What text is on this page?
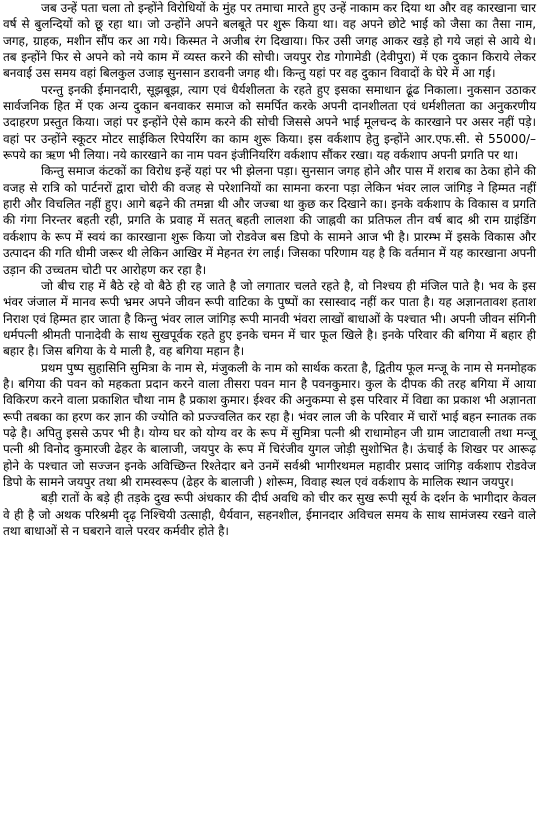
जब उन्हें पता चला तो इन्होंने विरोधियों के मुंह पर तमाचा मारते हुए उन्हें नाकाम कर दिया था और वह कारखाना चार वर्ष से बुलन्दियों को छू रहा था। जो उन्होंने अपने बलबूते पर शुरू किया था। वह अपने छोटे भाई को जैसा का तैसा नाम, जगह, ग्राहक, मशीन सौंप कर आ गये। किस्मत ने अजीब रंग दिखाया। फिर उसी जगह आकर खड़े हो गये जहां से आये थे। तब इन्होंने फिर से अपने को नये काम में व्यस्त करने की सोची। जयपुर रोड गोगामेडी (देवीपुरा) में एक दुकान किराये लेकर बनवाई उस समय वहां बिलकुल उजाड़ सुनसान डरावनी जगह थी। किन्तु यहां पर वह दुकान विवादों के घेरे में आ गई।

परन्तु इनकी ईमानदारी, सूझबूझ, त्याग एवं धैर्यशीलता के रहते हुए इसका समाधान ढूंढ निकाला। नुकसान उठाकर सार्वजनिक हित में एक अन्य दुकान बनवाकर समाज को समर्पित करके अपनी दानशीलता एवं धर्मशीलता का अनुकरणीय उदाहरण प्रस्तुत किया। जहां पर इन्होंने ऐसे काम करने की सोची जिससे अपने भाई मूलचन्द के कारखाने पर असर नहीं पड़े। वहां पर उन्होंने स्कूटर मोटर साईकिल रिपेयरिंग का काम शुरू किया। इस वर्कशाप हेतु इन्होंने आर.एफ.सी. से 55000/– रूपये का ऋण भी लिया। नये कारखाने का नाम पवन इंजीनियरिंग वर्कशाप सौंकर रखा। यह वर्कशाप अपनी प्रगति पर था।

किन्तु समाज कंटकों का विरोध इन्हें यहां पर भी झेलना पड़ा। सुनसान जगह होने और पास में शराब का ठेका होने की वजह से रात्रि को पार्टनरों द्वारा चोरी की वजह से परेशानियों का सामना करना पड़ा लेकिन भंवर लाल जांगिड़ ने हिम्मत नहीं हारी और विचलित नहीं हुए। आगे बढ़ने की तमन्ना थी और जज्बा था कुछ कर दिखाने का। इनके वर्कशाप के विकास व प्रगति की गंगा निरन्तर बहती रही, प्रगति के प्रवाह में सतत् बहती लालशा की जाह्नवी का प्रतिफल तीन वर्ष बाद श्री राम ग्राइंडिंग वर्कशाप के रूप में स्वयं का कारखाना शुरू किया जो रोडवेज बस डिपो के सामने आज भी है। प्रारम्भ में इसके विकास और उत्पादन की गति धीमी जरूर थी लेकिन आखिर में मेहनत रंग लाई। जिसका परिणाम यह है कि वर्तमान में यह कारखाना अपनी उड़ान की उच्चतम चोटी पर आरोहण कर रहा है।

जो बीच राह में बैठे रहे वो बैठे ही रह जाते है जो लगातार चलते रहते है, वो निश्चय ही मंजिल पाते है। भव के इस भंवर जंजाल में मानव रूपी भ्रमर अपने जीवन रूपी वाटिका के पुष्पों का रसास्वाद नहीं कर पाता है। यह अज्ञानतावश हताश निराश एवं हिम्मत हार जाता है किन्तु भंवर लाल जांगिड़ रूपी मानवी भंवरा लाखों बाधाओं के पश्चात भी। अपनी जीवन संगिनी धर्मपत्नी श्रीमती पानादेवी के साथ सुखपूर्वक रहते हुए इनके चमन में चार फूल खिले है। इनके परिवार की बगिया में बहार ही बहार है। जिस बगिया के ये माली है, वह बगिया महान है।

प्रथम पुष्प सुहासिनि सुमित्रा के नाम से, मंजुकली के नाम को सार्थक करता है, द्वितीय फूल मन्जू के नाम से मनमोहक है। बगिया की पवन को महकता प्रदान करने वाला तीसरा पवन मान है पवनकुमार। कुल के दीपक की तरह बगिया में आया विकिरण करने वाला प्रकाशित चौथा नाम है प्रकाश कुमार। ईश्वर की अनुकम्पा से इस परिवार में विद्या का प्रकाश भी अज्ञानता रूपी तबका का हरण कर ज्ञान की ज्योति को प्रज्ज्वलित कर रहा है। भंवर लाल जी के परिवार में चारों भाई बहन स्नातक तक पढ़े है। अपितु इससे ऊपर भी है। योग्य घर को योग्य वर के रूप में सुमित्रा पत्नी श्री राधामोहन जी ग्राम जाटावाली तथा मन्जू पत्नी श्री विनोद कुमारजी ढेहर के बालाजी, जयपुर के रूप में चिरंजीव युगल जोड़ी सुशोभित है। ऊंचाई के शिखर पर आरूढ़ होने के पश्चात जो सज्जन इनके अविच्छिन्त रिश्तेदार बने उनमें सर्वश्री भागीरथमल महावीर प्रसाद जांगिड़ वर्कशाप रोडवेज डिपो के सामने जयपुर तथा श्री रामस्वरूप (ढेहर के बालाजी ) शोरूम, विवाह स्थल एवं वर्कशाप के मालिक स्थान जयपुर।

बड़ी रातों के बड़े ही तड़के दुख रूपी अंधकार की दीर्घ अवधि को चीर कर सुख रूपी सूर्य के दर्शन के भागीदार केवल वे ही है जो अथक परिश्रमी दृढ़ निश्चियी उत्साही, धैर्यवान, सहनशील, ईमानदार अविचल समय के साथ सामंजस्य रखने वाले तथा बाधाओं से न घबराने वाले परवर कर्मवीर होते है।
